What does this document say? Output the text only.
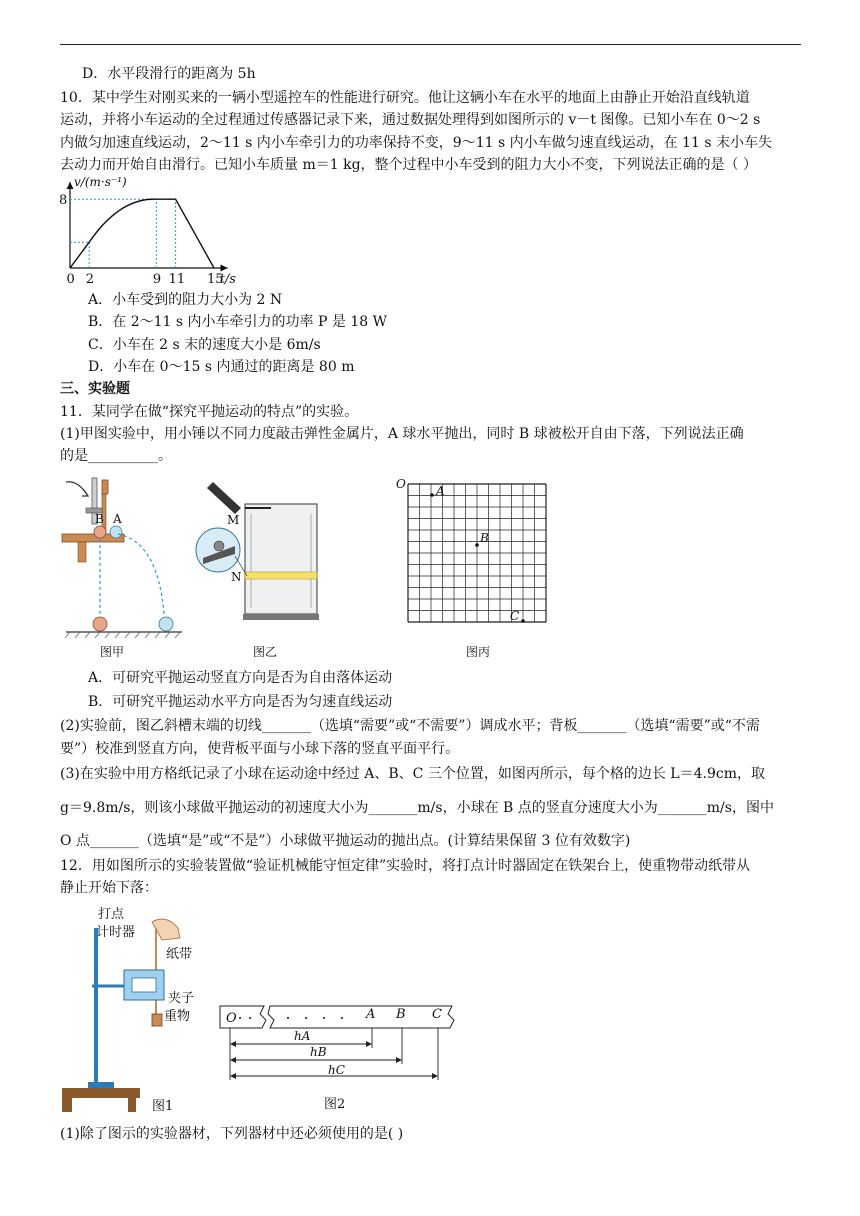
D．水平段滑行的距离为 5h
10．某中学生对刚买来的一辆小型遥控车的性能进行研究。他让这辆小车在水平的地面上由静止开始沿直线轨道
运动，并将小车运动的全过程通过传感器记录下来，通过数据处理得到如图所示的 v－t 图像。已知小车在 0～2 s
内做匀加速直线运动，2～11 s 内小车牵引力的功率保持不变，9～11 s 内小车做匀速直线运动，在 11 s 末小车失
去动力而开始自由滑行。已知小车质量 m＝1 kg，整个过程中小车受到的阻力大小不变，下列说法正确的是（ ）
0 2	9 11 15
8
v/(m·s⁻¹)
t/s
A．小车受到的阻力大小为 2 N
B．在 2～11 s 内小车牵引力的功率 P 是 18 W
C．小车在 2 s 末的速度大小是 6m/s
D．小车在 0～15 s 内通过的距离是 80 m
三、实验题
11．某同学在做“探究平抛运动的特点”的实验。
(1)甲图实验中，用小锤以不同力度敲击弹性金属片，A 球水平抛出，同时 B 球被松开自由下落，下列说法正确
的是__________。
B A
图甲
M
N
图乙
O	A
B
C
图丙
A．可研究平抛运动竖直方向是否为自由落体运动
B．可研究平抛运动水平方向是否为匀速直线运动
(2)实验前，图乙斜槽末端的切线_______（选填“需要”或“不需要”）调成水平；背板_______（选填“需要”或“不需
要”）校准到竖直方向，使背板平面与小球下落的竖直平面平行。
(3)在实验中用方格纸记录了小球在运动途中经过 A、B、C 三个位置，如图丙所示，每个格的边长 L＝4.9cm，取
g＝9.8m/s，则该小球做平抛运动的初速度大小为_______m/s，小球在 B 点的竖直分速度大小为_______m/s，图中
O 点_______（选填“是”或“不是”）小球做平抛运动的抛出点。(计算结果保留 3 位有效数字)
12．用如图所示的实验装置做“验证机械能守恒定律”实验时，将打点计时器固定在铁架台上，使重物带动纸带从
静止开始下落：
打点
计时器
纸带
夹子
重物
图1
O	A B C
hA
hB
hC
图2
(1)除了图示的实验器材，下列器材中还必须使用的是( )
